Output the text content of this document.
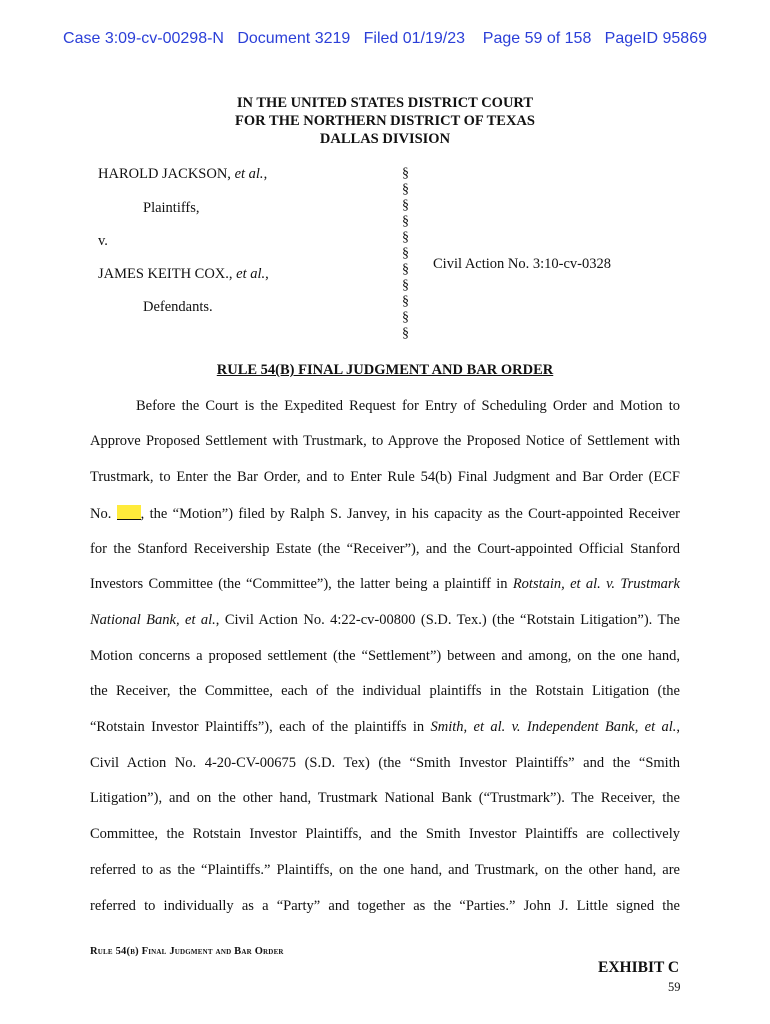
Case 3:09-cv-00298-N   Document 3219   Filed 01/19/23    Page 59 of 158   PageID 95869
IN THE UNITED STATES DISTRICT COURT
FOR THE NORTHERN DISTRICT OF TEXAS
DALLAS DIVISION
HAROLD JACKSON, et al.,
Plaintiffs,
v.
JAMES KEITH COX., et al.,
Defendants.
§
§
§
§
§
§
§
§
§
§
§
Civil Action No. 3:10-cv-0328
RULE 54(B) FINAL JUDGMENT AND BAR ORDER
Before the Court is the Expedited Request for Entry of Scheduling Order and Motion to
Approve Proposed Settlement with Trustmark, to Approve the Proposed Notice of Settlement with
Trustmark, to Enter the Bar Order, and to Enter Rule 54(b) Final Judgment and Bar Order (ECF
No. , the “Motion”) filed by Ralph S. Janvey, in his capacity as the Court-appointed Receiver
for the Stanford Receivership Estate (the “Receiver”), and the Court-appointed Official Stanford
Investors Committee (the “Committee”), the latter being a plaintiff in Rotstain, et al. v. Trustmark
National Bank, et al., Civil Action No. 4:22-cv-00800 (S.D. Tex.) (the “Rotstain Litigation”). The
Motion concerns a proposed settlement (the “Settlement”) between and among, on the one hand,
the Receiver, the Committee, each of the individual plaintiffs in the Rotstain Litigation (the
“Rotstain Investor Plaintiffs”), each of the plaintiffs in Smith, et al. v. Independent Bank, et al.,
Civil Action No. 4-20-CV-00675 (S.D. Tex) (the “Smith Investor Plaintiffs” and the “Smith
Litigation”), and on the other hand, Trustmark National Bank (“Trustmark”). The Receiver, the
Committee, the Rotstain Investor Plaintiffs, and the Smith Investor Plaintiffs are collectively
referred to as the “Plaintiffs.” Plaintiffs, on the one hand, and Trustmark, on the other hand, are
referred to individually as a “Party” and together as the “Parties.” John J. Little signed the
Rule 54(b) Final Judgment and Bar Order
EXHIBIT C
59
